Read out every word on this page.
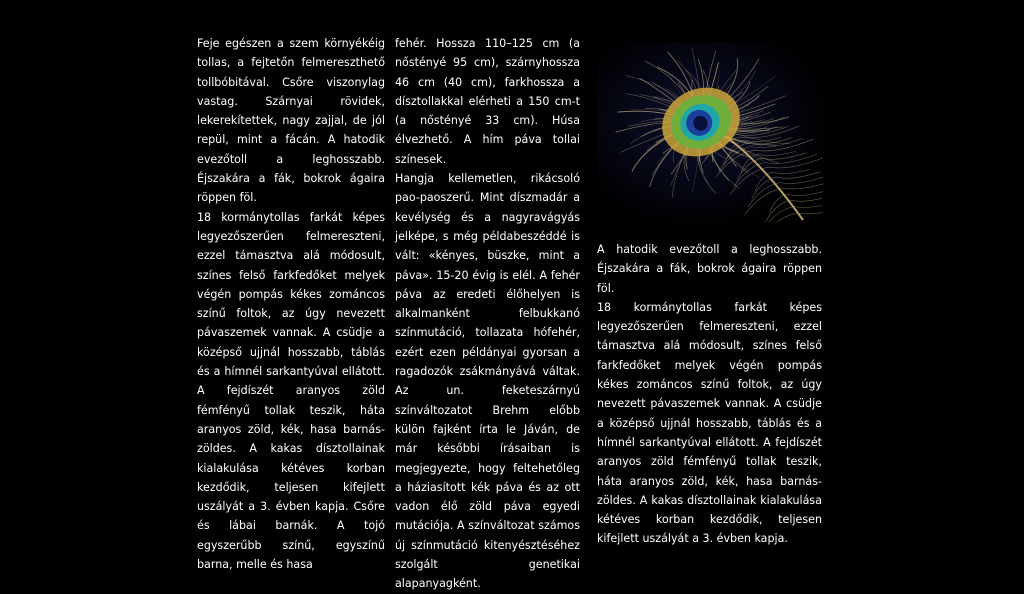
Feje egészen a szem környékéig tollas, a fejtetőn felmereszthető tollbóbitával. Csőre viszonylag vastag. Szárnyai rövidek, lekerekítettek, nagy zajjal, de jól repül, mint a fácán. A hatodik evezőtoll a leghosszabb. Éjszakára a fák, bokrok ágaira röppen föl.

18 kormánytollas farkát képes legyezőszerűen felmereszteni, ezzel támasztva alá módosult, színes felső farkfedőket melyek végén pompás kékes zománcos színű foltok, az úgy nevezett pávaszemek vannak. A csüdje a középső ujjnál hosszabb, táblás és a hímnél sarkantyúval ellátott. A fejdíszét aranyos zöld fémfényű tollak teszik, háta aranyos zöld, kék, hasa barnás-zöldes. A kakas dísztollainak kialakulása kétéves korban kezdődik, teljesen kifejlett uszályát a 3. évben kapja. Csőre és lábai barnák. A tojó egyszerűbb színű, egyszínű barna, melle és hasa

fehér. Hossza 110–125 cm (a nőstényé 95 cm), szárnyhossza 46 cm (40 cm), farkhossza a dísztollakkal elérheti a 150 cm-t (a nőstényé 33 cm). Húsa élvezhető. A hím páva tollai színesek.

Hangja kellemetlen, rikácsoló pao-paoszerű. Mint díszmadár a kevélység és a nagyravágyás jelképe, s még példabeszéddé is vált: «kényes, büszke, mint a páva». 15-20 évig is elél. A fehér páva az eredeti élőhelyen is alkalmanként felbukkanó színmutáció, tollazata hófehér, ezért ezen példányai gyorsan a ragadozók zsákmányává váltak. Az un. feketeszárnyú színváltozatot Brehm előbb külön fajként írta le Jáván, de már későbbi írásaiban is megjegyezte, hogy feltehetőleg a háziasított kék páva és az ott vadon élő zöld páva egyedi mutációja. A színváltozat számos új színmutáció kitenyésztéséhez szolgált genetikai alapanyagként.

A hatodik evezőtoll a leghosszabb. Éjszakára a fák, bokrok ágaira röppen föl.

18 kormánytollas farkát képes legyezőszerűen felmereszteni, ezzel támasztva alá módosult, színes felső farkfedőket melyek végén pompás kékes zománcos színű foltok, az úgy nevezett pávaszemek vannak. A csüdje a középső ujjnál hosszabb, táblás és a hímnél sarkantyúval ellátott. A fejdíszét aranyos zöld fémfényű tollak teszik, háta aranyos zöld, kék, hasa barnás-zöldes. A kakas dísztollainak kialakulása kétéves korban kezdődik, teljesen kifejlett uszályát a 3. évben kapja.
